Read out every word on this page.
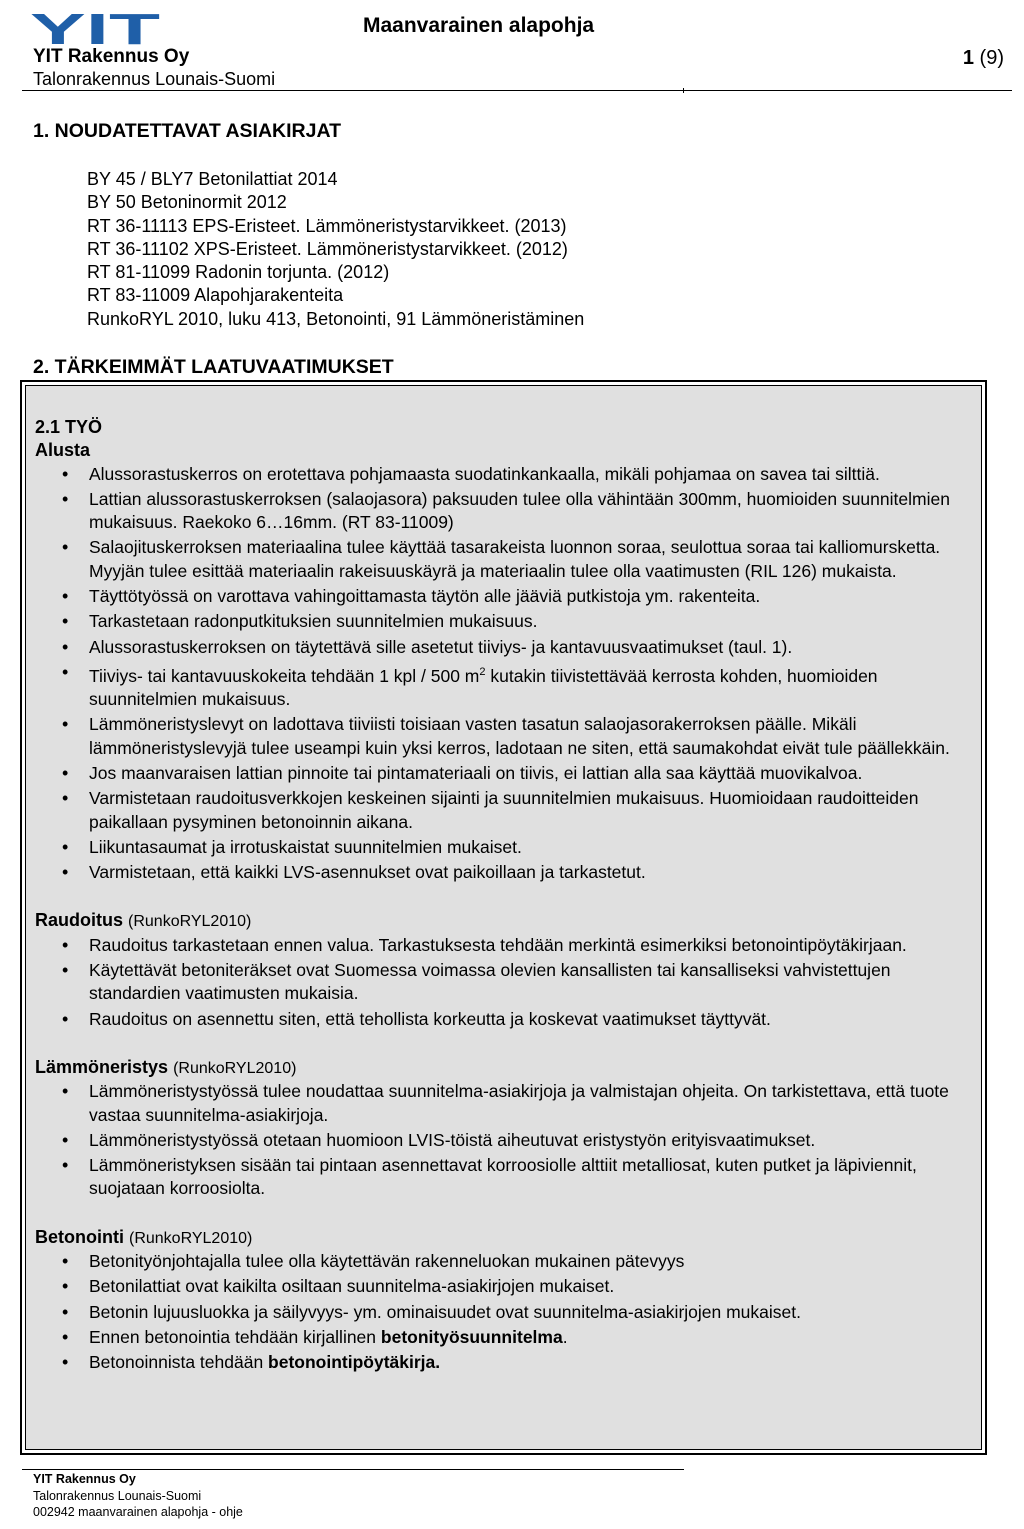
YIT
YIT Rakennus Oy
Talonrakennus Lounais-Suomi
Maanvarainen alapohja
1 (9)
1. NOUDATETTAVAT ASIAKIRJAT
BY 45 / BLY7 Betonilattiat 2014
BY 50 Betoninormit 2012
RT 36-11113 EPS-Eristeet. Lämmöneristystarvikkeet. (2013)
RT 36-11102 XPS-Eristeet. Lämmöneristystarvikkeet. (2012)
RT 81-11099 Radonin torjunta. (2012)
RT 83-11009 Alapohjarakenteita
RunkoRYL 2010, luku 413, Betonointi, 91 Lämmöneristäminen
2. TÄRKEIMMÄT LAATUVAATIMUKSET
2.1 TYÖ
Alusta
• Alussorastuskerros on erotettava pohjamaasta suodatinkankaalla, mikäli pohjamaa on savea tai silttiä.
• Lattian alussorastuskerroksen (salaojasora) paksuuden tulee olla vähintään 300mm, huomioiden suunnitelmien mukaisuus. Raekoko 6…16mm. (RT 83-11009)
• Salaojituskerroksen materiaalina tulee käyttää tasarakeista luonnon soraa, seulottua soraa tai kalliomursketta. Myyjän tulee esittää materiaalin rakeisuuskäyrä ja materiaalin tulee olla vaatimusten (RIL 126) mukaista.
• Täyttötyössä on varottava vahingoittamasta täytön alle jääviä putkistoja ym. rakenteita.
• Tarkastetaan radonputkituksien suunnitelmien mukaisuus.
• Alussorastuskerroksen on täytettävä sille asetetut tiiviys- ja kantavuusvaatimukset (taul. 1).
• Tiiviys- tai kantavuuskokeita tehdään 1 kpl / 500 $m^2$ kutakin tiivistettävää kerrosta kohden, huomioiden suunnitelmien mukaisuus.
• Lämmöneristyslevyt on ladottava tiiviisti toisiaan vasten tasatun salaojasorakerroksen päälle. Mikäli lämmöneristyslevyjä tulee useampi kuin yksi kerros, ladotaan ne siten, että saumakohdat eivät tule päällekkäin.
• Jos maanvaraisen lattian pinnoite tai pintamateriaali on tiivis, ei lattian alla saa käyttää muovikalvoa.
• Varmistetaan raudoitusverkkojen keskeinen sijainti ja suunnitelmien mukaisuus. Huomioidaan raudoitteiden paikallaan pysyminen betonoinnin aikana.
• Liikuntasaumat ja irrotuskaistat suunnitelmien mukaiset.
• Varmistetaan, että kaikki LVS-asennukset ovat paikoillaan ja tarkastetut.
Raudoitus (RunkoRYL2010)
• Raudoitus tarkastetaan ennen valua. Tarkastuksesta tehdään merkintä esimerkiksi betonointipöytäkirjaan.
• Käytettävät betoniteräkset ovat Suomessa voimassa olevien kansallisten tai kansalliseksi vahvistettujen standardien vaatimusten mukaisia.
• Raudoitus on asennettu siten, että tehollista korkeutta ja koskevat vaatimukset täyttyvät.
Lämmöneristys (RunkoRYL2010)
• Lämmöneristystyössä tulee noudattaa suunnitelma-asiakirjoja ja valmistajan ohjeita. On tarkistettava, että tuote vastaa suunnitelma-asiakirjoja.
• Lämmöneristystyössä otetaan huomioon LVIS-töistä aiheutuvat eristystyön erityisvaatimukset.
• Lämmöneristyksen sisään tai pintaan asennettavat korroosiolle alttiit metalliosat, kuten putket ja läpiviennit, suojataan korroosiolta.
Betonointi (RunkoRYL2010)
• Betonityönjohtajalla tulee olla käytettävän rakenneluokan mukainen pätevyys
• Betonilattiat ovat kaikilta osiltaan suunnitelma-asiakirjojen mukaiset.
• Betonin lujuusluokka ja säilyvyys- ym. ominaisuudet ovat suunnitelma-asiakirjojen mukaiset.
• Ennen betonointia tehdään kirjallinen betonityösuunnitelma.
• Betonoinnista tehdään betonointipöytäkirja.
YIT Rakennus Oy
Talonrakennus Lounais-Suomi
002942 maanvarainen alapohja - ohje
